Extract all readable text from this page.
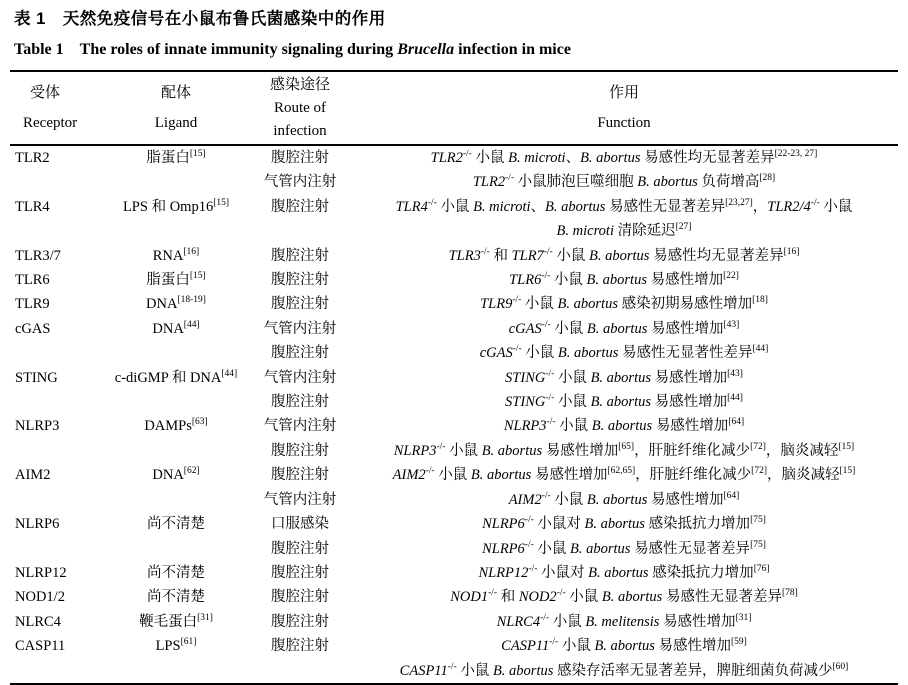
表 1　天然免疫信号在小鼠布鲁氏菌感染中的作用
Table 1　The roles of innate immunity signaling during Brucella infection in mice
受体
Receptor

配体
Ligand

感染途径
Route of
infection

作用
Function

TLR2	脂蛋白[15]	腹腔注射	TLR2-/- 小鼠 B. microti、B. abortus 易感性均无显著差异[22-23, 27]
		气管内注射	TLR2-/- 小鼠肺泡巨噬细胞 B. abortus 负荷增高[28]
TLR4	LPS 和 Omp16[15]	腹腔注射	TLR4-/- 小鼠 B. microti、B. abortus 易感性无显著差异[23,27]，TLR2/4-/- 小鼠
B. microti 清除延迟[27]
TLR3/7	RNA[16]	腹腔注射	TLR3-/- 和 TLR7-/- 小鼠 B. abortus 易感性均无显著差异[16]
TLR6	脂蛋白[15]	腹腔注射	TLR6-/- 小鼠 B. abortus 易感性增加[22]
TLR9	DNA[18-19]	腹腔注射	TLR9-/- 小鼠 B. abortus 感染初期易感性增加[18]
cGAS	DNA[44]	气管内注射	cGAS-/- 小鼠 B. abortus 易感性增加[43]
		腹腔注射	cGAS-/- 小鼠 B. abortus 易感性无显著性差异[44]
STING	c-diGMP 和 DNA[44]	气管内注射	STING-/- 小鼠 B. abortus 易感性增加[43]
		腹腔注射	STING-/- 小鼠 B. abortus 易感性增加[44]
NLRP3	DAMPs[63]	气管内注射	NLRP3-/- 小鼠 B. abortus 易感性增加[64]
		腹腔注射	NLRP3-/- 小鼠 B. abortus 易感性增加[65]，肝脏纤维化减少[72]，脑炎减轻[15]
AIM2	DNA[62]	腹腔注射	AIM2-/- 小鼠 B. abortus 易感性增加[62,65]，肝脏纤维化减少[72]，脑炎减轻[15]
		气管内注射	AIM2-/- 小鼠 B. abortus 易感性增加[64]
NLRP6	尚不清楚	口服感染	NLRP6-/- 小鼠对 B. abortus 感染抵抗力增加[75]
		腹腔注射	NLRP6-/- 小鼠 B. abortus 易感性无显著差异[75]
NLRP12	尚不清楚	腹腔注射	NLRP12-/- 小鼠对 B. abortus 感染抵抗力增加[76]
NOD1/2	尚不清楚	腹腔注射	NOD1-/- 和 NOD2-/- 小鼠 B. abortus 易感性无显著差异[78]
NLRC4	鞭毛蛋白[31]	腹腔注射	NLRC4-/- 小鼠 B. melitensis 易感性增加[31]
CASP11	LPS[61]	腹腔注射	CASP11-/- 小鼠 B. abortus 易感性增加[59]
			CASP11-/- 小鼠 B. abortus 感染存活率无显著差异，脾脏细菌负荷减少[60]
